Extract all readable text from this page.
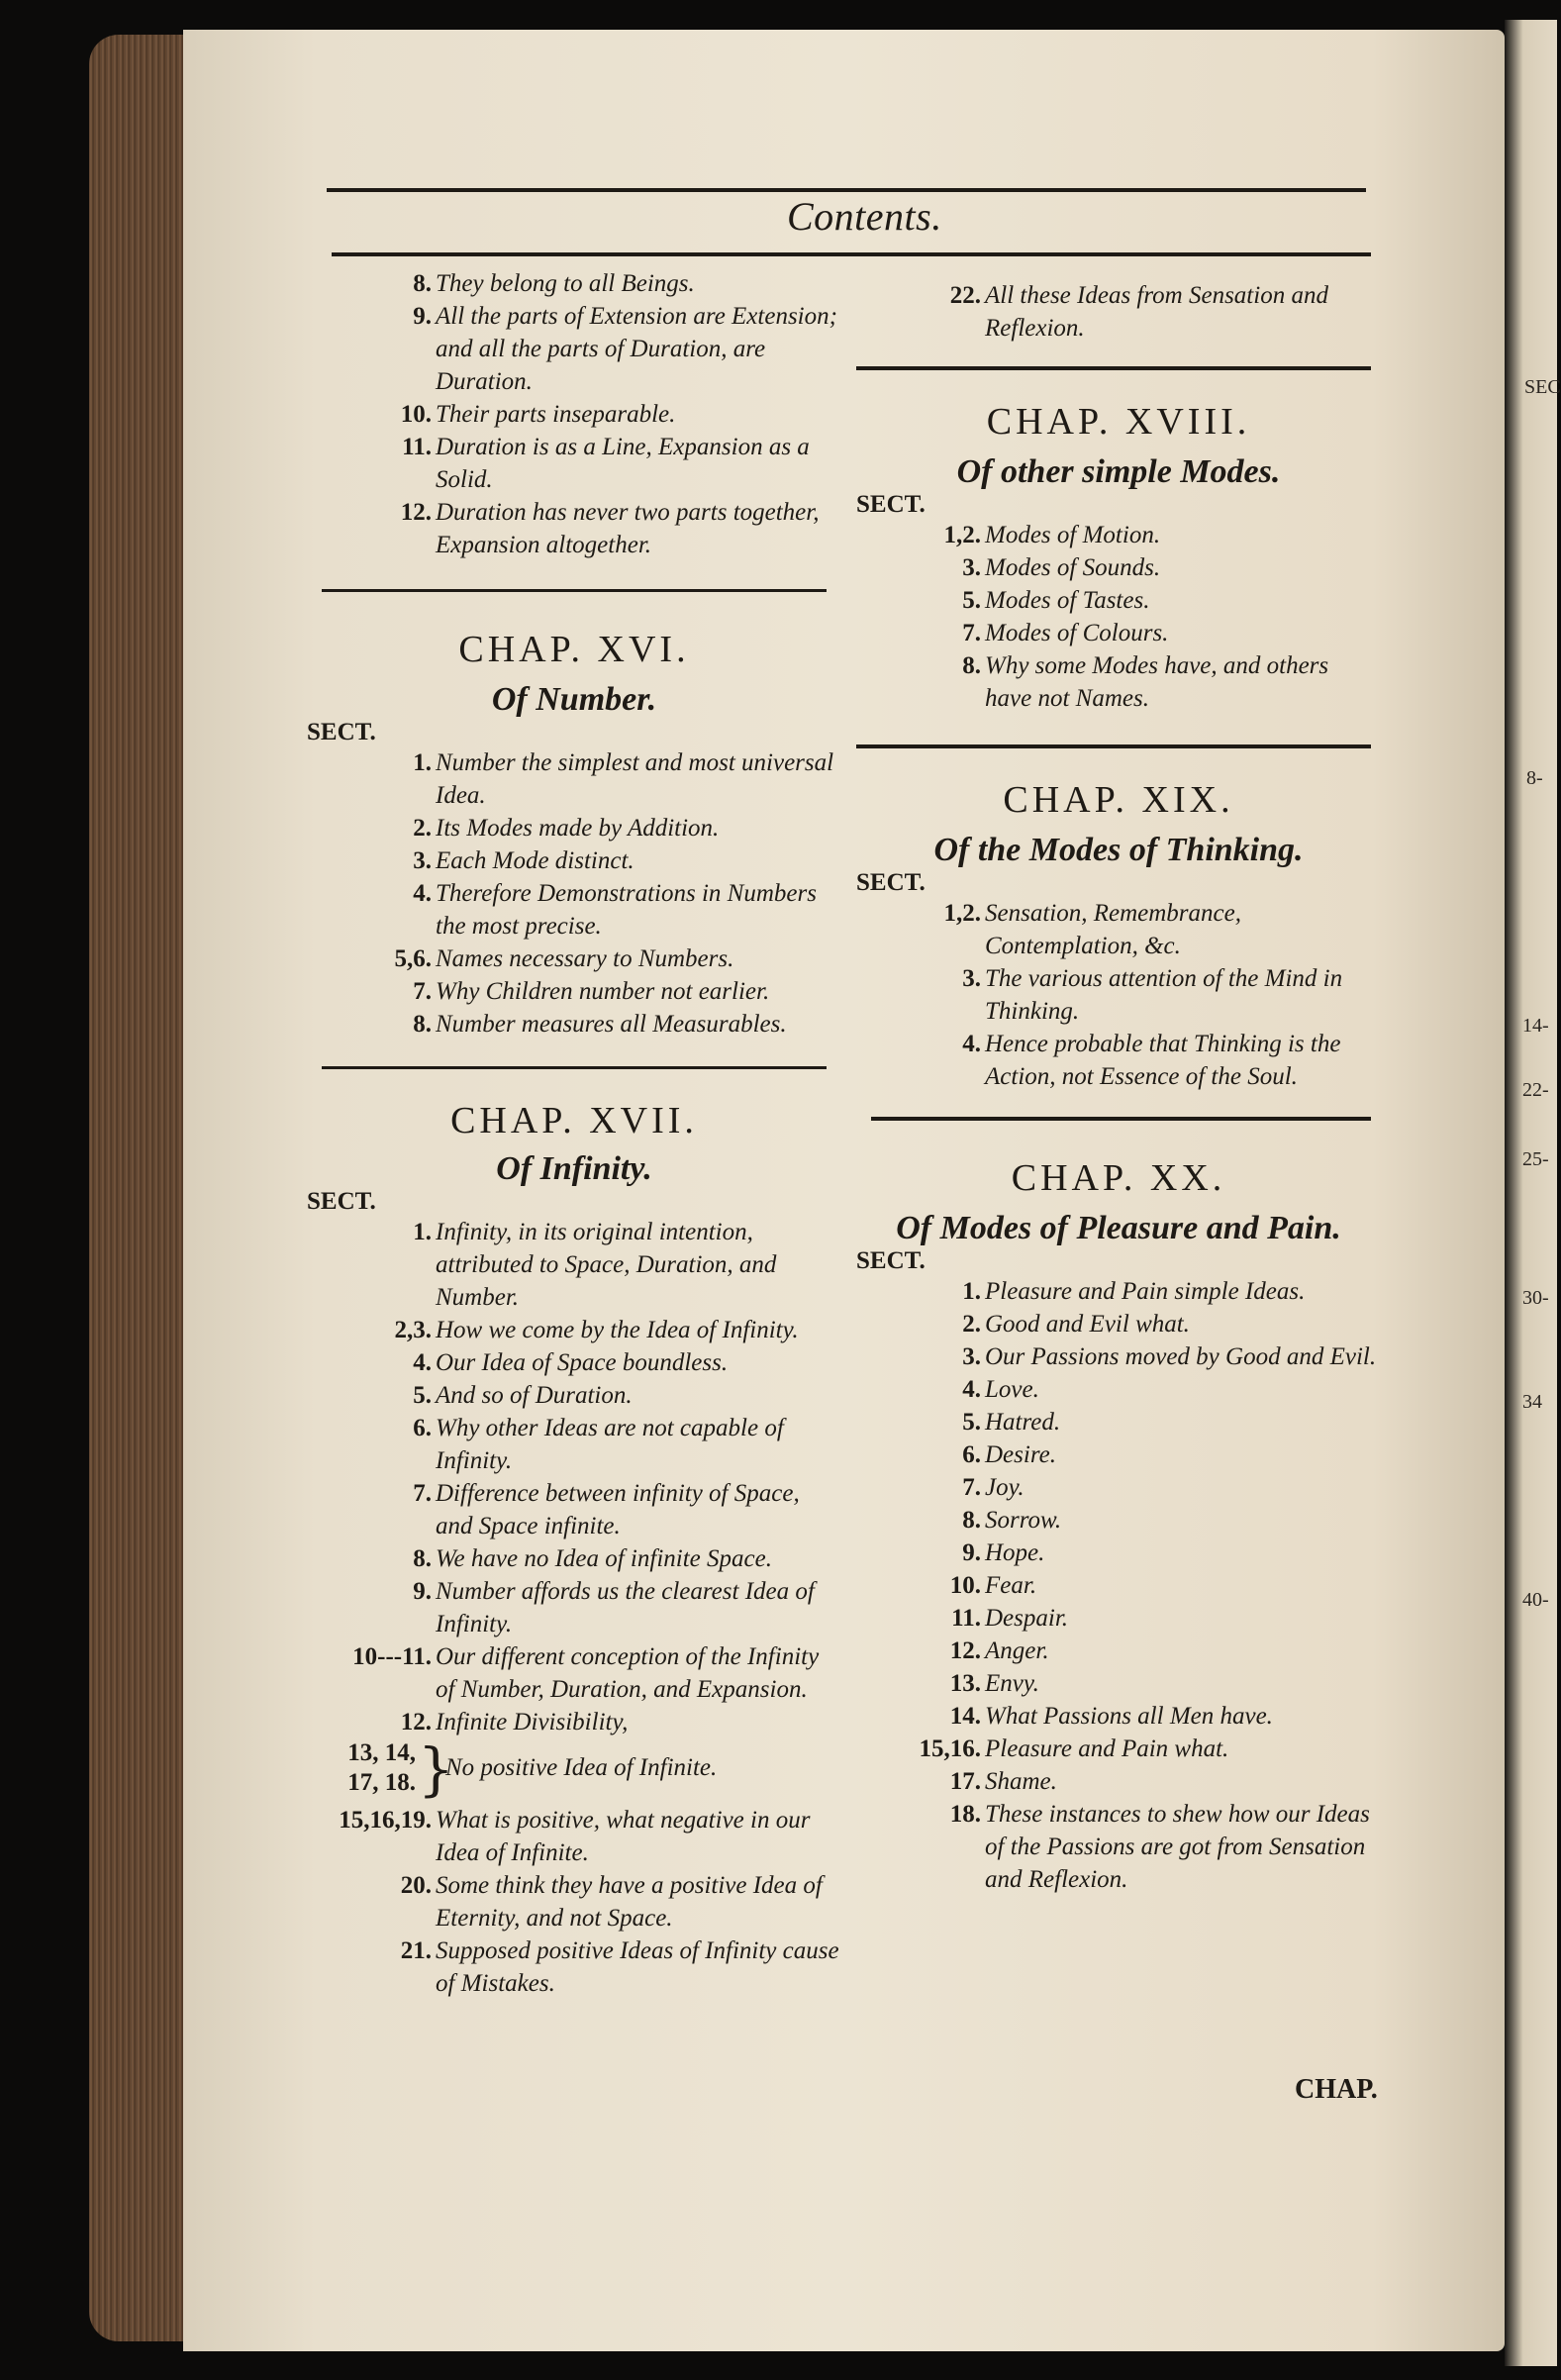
SEC
8-
14-
22-
25-
30-
34
40-
Contents.

8. They belong to all Beings.

9. All the parts of Extension are Extension; and all the parts of Duration, are Duration.

10. Their parts inseparable.

11. Duration is as a Line, Expansion as a Solid.

12. Duration has never two parts together, Expansion altogether.

CHAP. XVI.

Of Number.

SECT.

1. Number the simplest and most universal Idea.

2. Its Modes made by Addition.

3. Each Mode distinct.

4. Therefore Demonstrations in Numbers the most precise.

5,6. Names necessary to Numbers.

7. Why Children number not earlier.

8. Number measures all Measurables.

CHAP. XVII.

Of Infinity.

SECT.

1. Infinity, in its original intention, attributed to Space, Duration, and Number.

2,3. How we come by the Idea of Infinity.

4. Our Idea of Space boundless.

5. And so of Duration.

6. Why other Ideas are not capable of Infinity.

7. Difference between infinity of Space, and Space infinite.

8. We have no Idea of infinite Space.

9. Number affords us the clearest Idea of Infinity.

10---11. Our different conception of the Infinity of Number, Duration, and Expansion.

12. Infinite Divisibility,

13, 14,
17, 18. }
No positive Idea of Infinite.

15,16,19. What is positive, what negative in our Idea of Infinite.

20. Some think they have a positive Idea of Eternity, and not Space.

21. Supposed positive Ideas of Infinity cause of Mistakes.

22. All these Ideas from Sensation and Reflexion.

CHAP. XVIII.

Of other simple Modes.

SECT.

1,2. Modes of Motion.

3. Modes of Sounds.

5. Modes of Tastes.

7. Modes of Colours.

8. Why some Modes have, and others have not Names.

CHAP. XIX.

Of the Modes of Thinking.

SECT.

1,2. Sensation, Remembrance, Contemplation, &c.

3. The various attention of the Mind in Thinking.

4. Hence probable that Thinking is the Action, not Essence of the Soul.

CHAP. XX.

Of Modes of Pleasure and Pain.

SECT.

1. Pleasure and Pain simple Ideas.

2. Good and Evil what.

3. Our Passions moved by Good and Evil.

4. Love.

5. Hatred.

6. Desire.

7. Joy.

8. Sorrow.

9. Hope.

10. Fear.

11. Despair.

12. Anger.

13. Envy.

14. What Passions all Men have.

15,16. Pleasure and Pain what.

17. Shame.

18. These instances to shew how our Ideas of the Passions are got from Sensation and Reflexion.

CHAP.
